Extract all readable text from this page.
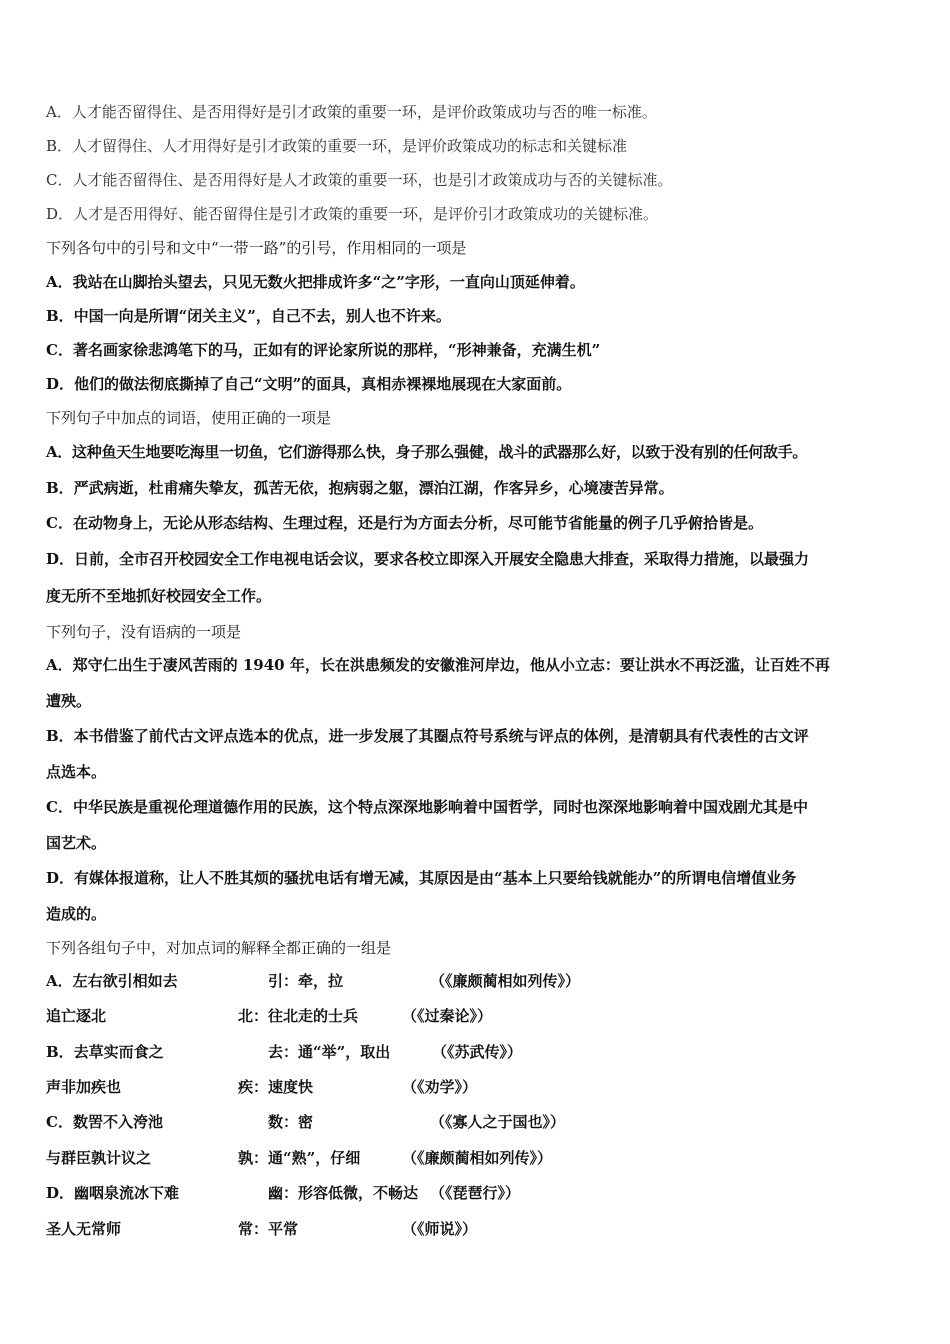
A．人才能否留得住、是否用得好是引才政策的重要一环，是评价政策成功与否的唯一标准。
B．人才留得住、人才用得好是引才政策的重要一环，是评价政策成功的标志和关键标准
C．人才能否留得住、是否用得好是人才政策的重要一环，也是引才政策成功与否的关键标准。
D．人才是否用得好、能否留得住是引才政策的重要一环，是评价引才政策成功的关键标准。
下列各句中的引号和文中“一带一路”的引号，作用相同的一项是
A．我站在山脚抬头望去，只见无数火把排成许多“之”字形，一直向山顶延伸着。
B．中国一向是所谓“闭关主义”，自己不去，别人也不许来。
C．著名画家徐悲鸿笔下的马，正如有的评论家所说的那样，“形神兼备，充满生机”
D．他们的做法彻底撕掉了自己“文明”的面具，真相赤裸裸地展现在大家面前。
下列句子中加点的词语，使用正确的一项是
A．这种鱼天生地要吃海里一切鱼，它们游得那么快，身子那么强健，战斗的武器那么好，以致于没有别的任何敌手。
B．严武病逝，杜甫痛失挚友，孤苦无依，抱病弱之躯，漂泊江湖，作客异乡，心境凄苦异常。
C．在动物身上，无论从形态结构、生理过程，还是行为方面去分析，尽可能节省能量的例子几乎俯拾皆是。
D．日前，全市召开校园安全工作电视电话会议，要求各校立即深入开展安全隐患大排查，采取得力措施，以最强力
度无所不至地抓好校园安全工作。
下列句子，没有语病的一项是
A．郑守仁出生于凄风苦雨的 1940 年，长在洪患频发的安徽淮河岸边，他从小立志：要让洪水不再泛滥，让百姓不再
遭殃。
B．本书借鉴了前代古文评点选本的优点，进一步发展了其圈点符号系统与评点的体例，是清朝具有代表性的古文评
点选本。
C．中华民族是重视伦理道德作用的民族，这个特点深深地影响着中国哲学，同时也深深地影响着中国戏剧尤其是中
国艺术。
D．有媒体报道称，让人不胜其烦的骚扰电话有增无减，其原因是由“基本上只要给钱就能办”的所谓电信增值业务
造成的。
下列各组句子中，对加点词的解释全都正确的一组是
A．左右欲引相如去	引：牵，拉	（《廉颇蔺相如列传》）
追亡逐北	北：往北走的士兵	（《过秦论》）
B．去草实而食之	去：通“举”，取出	（《苏武传》）
声非加疾也	疾：速度快	（《劝学》）
C．数罟不入洿池	数：密	（《寡人之于国也》）
与群臣孰计议之	孰：通“熟”，仔细	（《廉颇蔺相如列传》）
D．幽咽泉流冰下难	幽：形容低微，不畅达 （《琵琶行》）
圣人无常师	常：平常	（《师说》）
